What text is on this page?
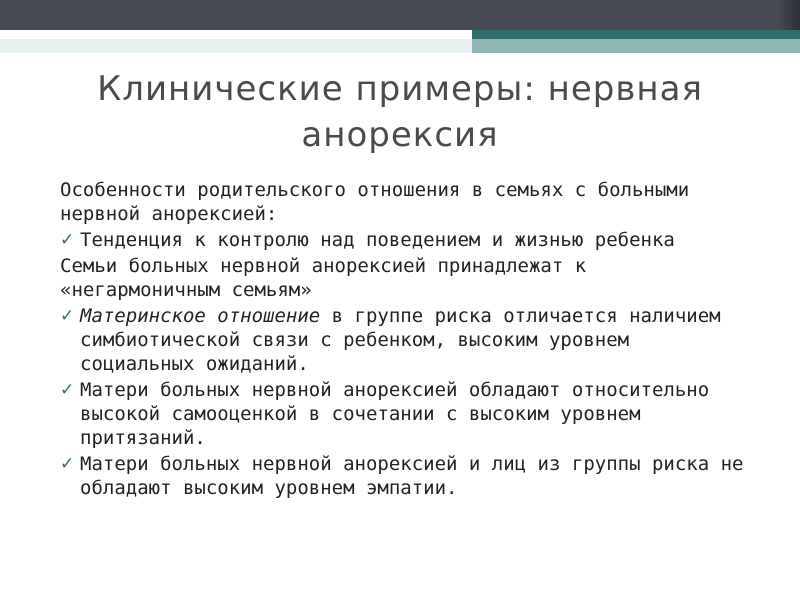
Клинические примеры: нервная анорексия

Особенности родительского отношения в семьях с больными нервной анорексией:

✓ Тенденция к контролю над поведением и жизнью ребенка
Семьи больных нервной анорексией принадлежат к «негармоничным семьям»
✓ Материнское отношение в группе риска отличается наличием симбиотической связи с ребенком, высоким уровнем социальных ожиданий.
✓ Матери больных нервной анорексией обладают относительно высокой самооценкой в сочетании с высоким уровнем притязаний.
✓ Матери больных нервной анорексией и лиц из группы риска не обладают высоким уровнем эмпатии.
